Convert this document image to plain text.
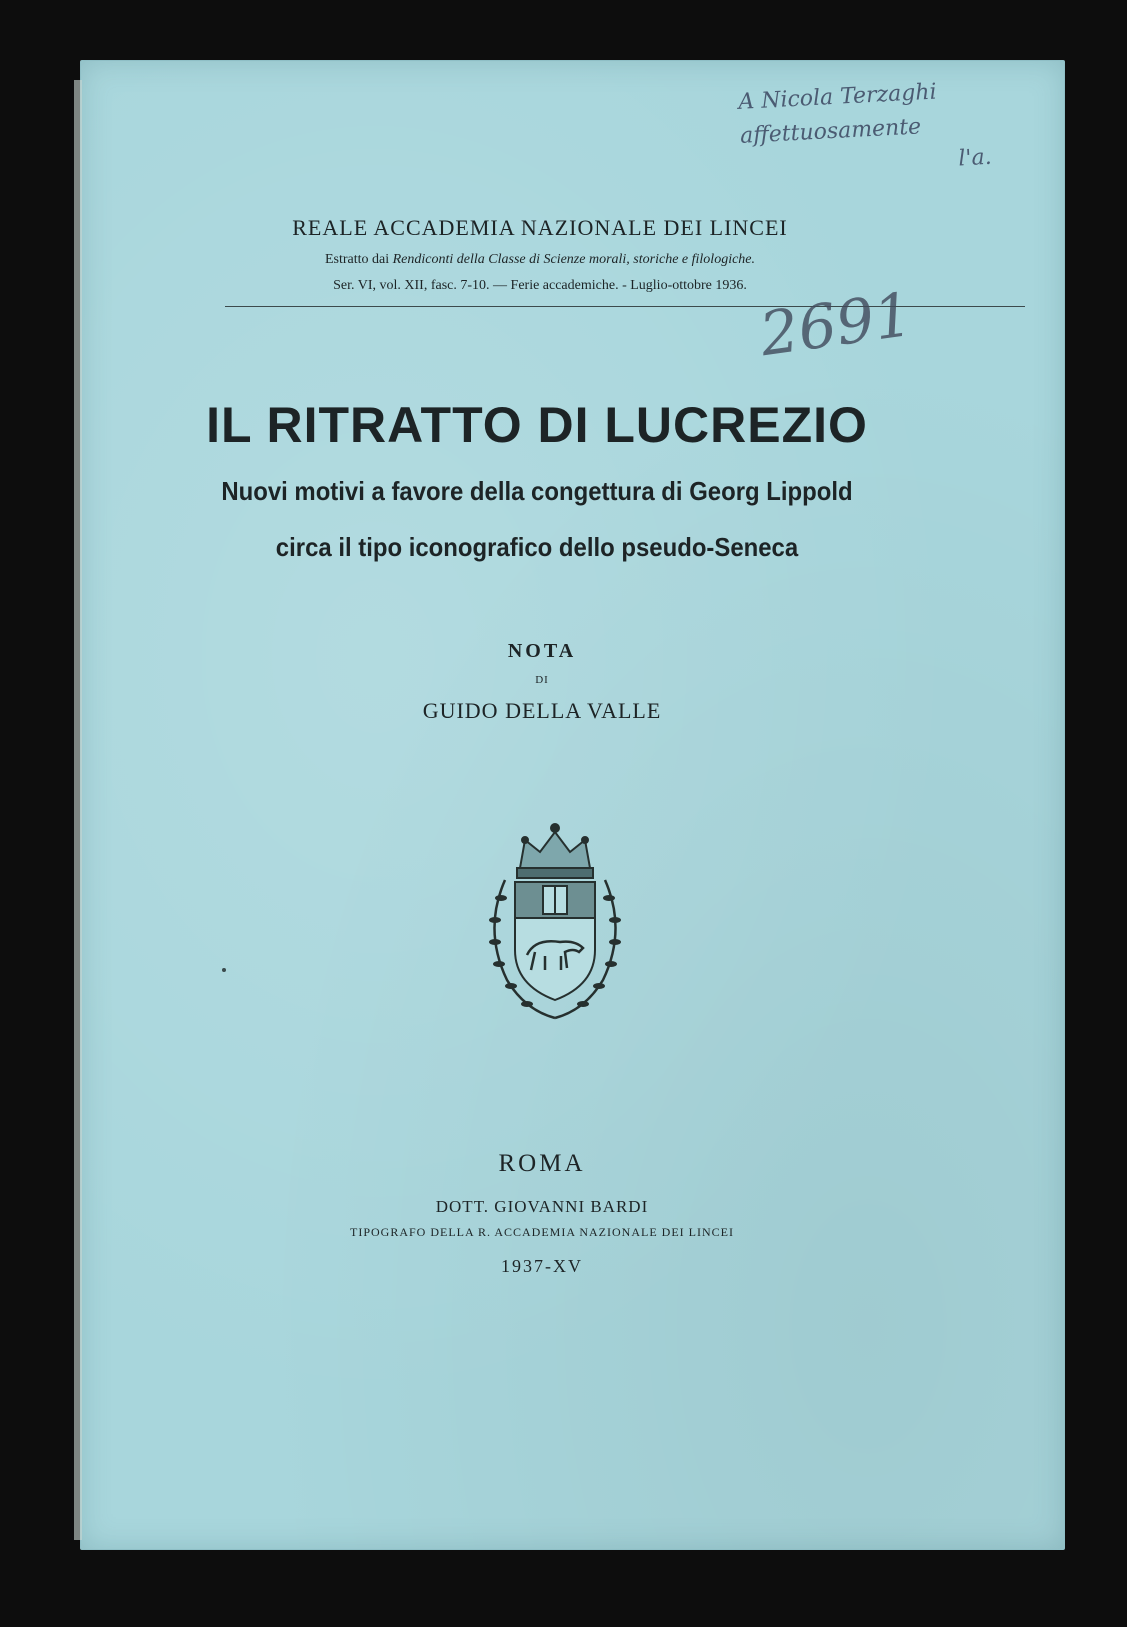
A Nicola Terzaghi
affettuosamente

l'a.
REALE ACCADEMIA NAZIONALE DEI LINCEI
Estratto dai Rendiconti della Classe di Scienze morali, storiche e filologiche.
Ser. VI, vol. XII, fasc. 7-10. — Ferie accademiche. - Luglio-ottobre 1936. 2691
IL RITRATTO DI LUCREZIO
Nuovi motivi a favore della congettura di Georg Lippold
circa il tipo iconografico dello pseudo-Seneca
NOTA
DI
GUIDO DELLA VALLE
ROMA
DOTT. GIOVANNI BARDI
TIPOGRAFO DELLA R. ACCADEMIA NAZIONALE DEI LINCEI
1937-XV
